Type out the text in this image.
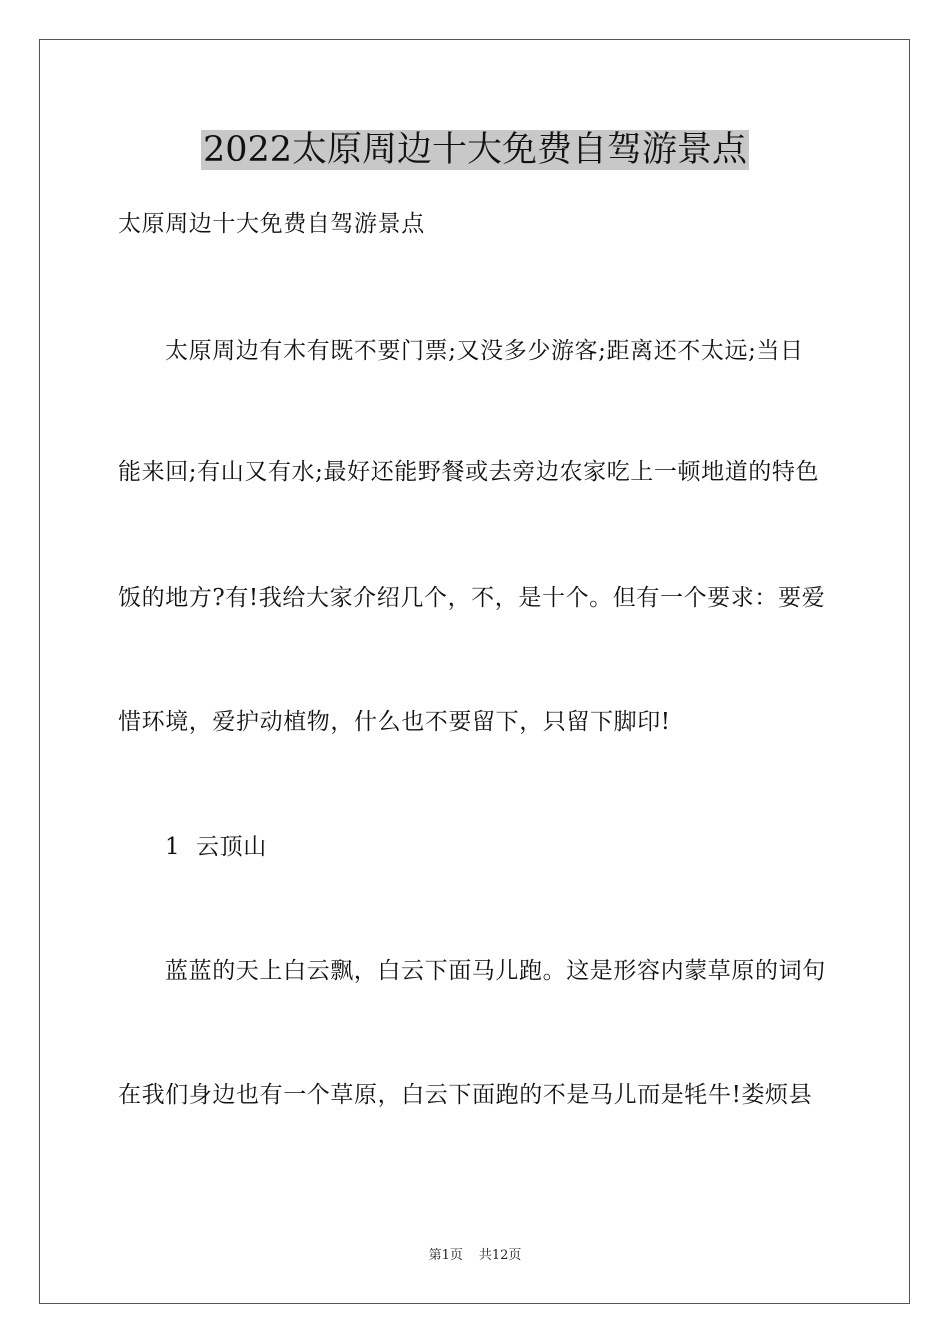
2022太原周边十大免费自驾游景点
太原周边十大免费自驾游景点
太原周边有木有既不要门票;又没多少游客;距离还不太远;当日
能来回;有山又有水;最好还能野餐或去旁边农家吃上一顿地道的特色
饭的地方?有!我给大家介绍几个，不，是十个。但有一个要求：要爱
惜环境，爱护动植物，什么也不要留下，只留下脚印!
1  云顶山
蓝蓝的天上白云飘，白云下面马儿跑。这是形容内蒙草原的词句
在我们身边也有一个草原，白云下面跑的不是马儿而是牦牛!娄烦县
第1页 共12页
